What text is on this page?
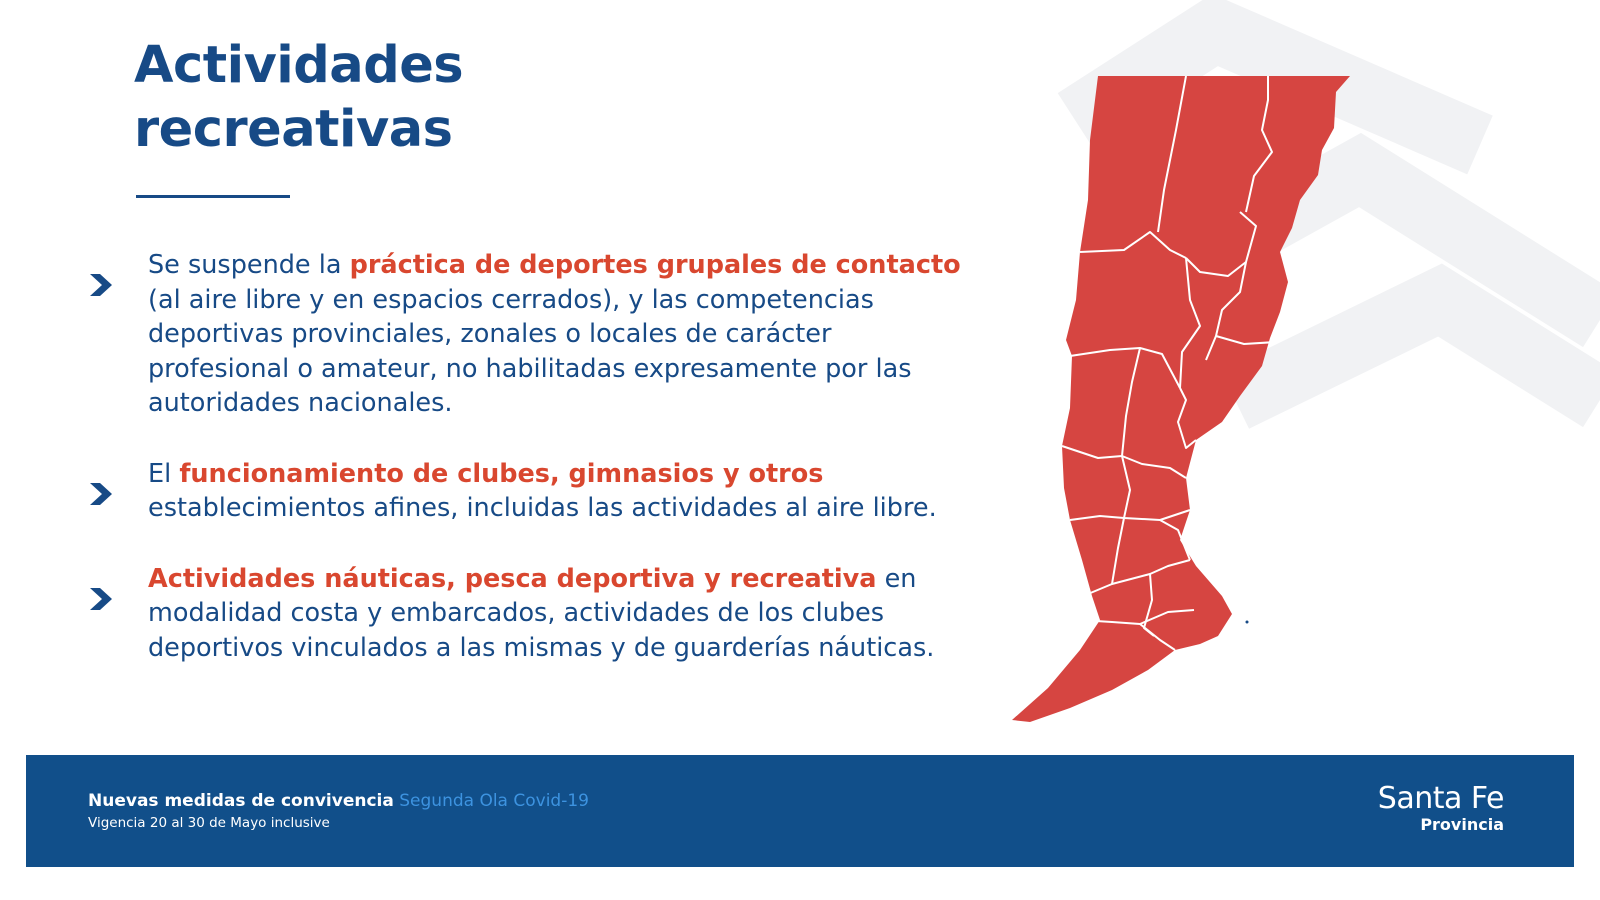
Actividades
recreativas

Se suspende la práctica de deportes grupales de contacto (al aire libre y en espacios cerrados), y las competencias deportivas provinciales, zonales o locales de carácter profesional o amateur, no habilitadas expresamente por las autoridades nacionales.

El funcionamiento de clubes, gimnasios y otros establecimientos afines, incluidas las actividades al aire libre.

Actividades náuticas, pesca deportiva y recreativa en modalidad costa y embarcados, actividades de los clubes deportivos vinculados a las mismas y de guarderías náuticas.

Nuevas medidas de convivencia Segunda Ola Covid-19
Vigencia 20 al 30 de Mayo inclusive
Santa Fe
Provincia
